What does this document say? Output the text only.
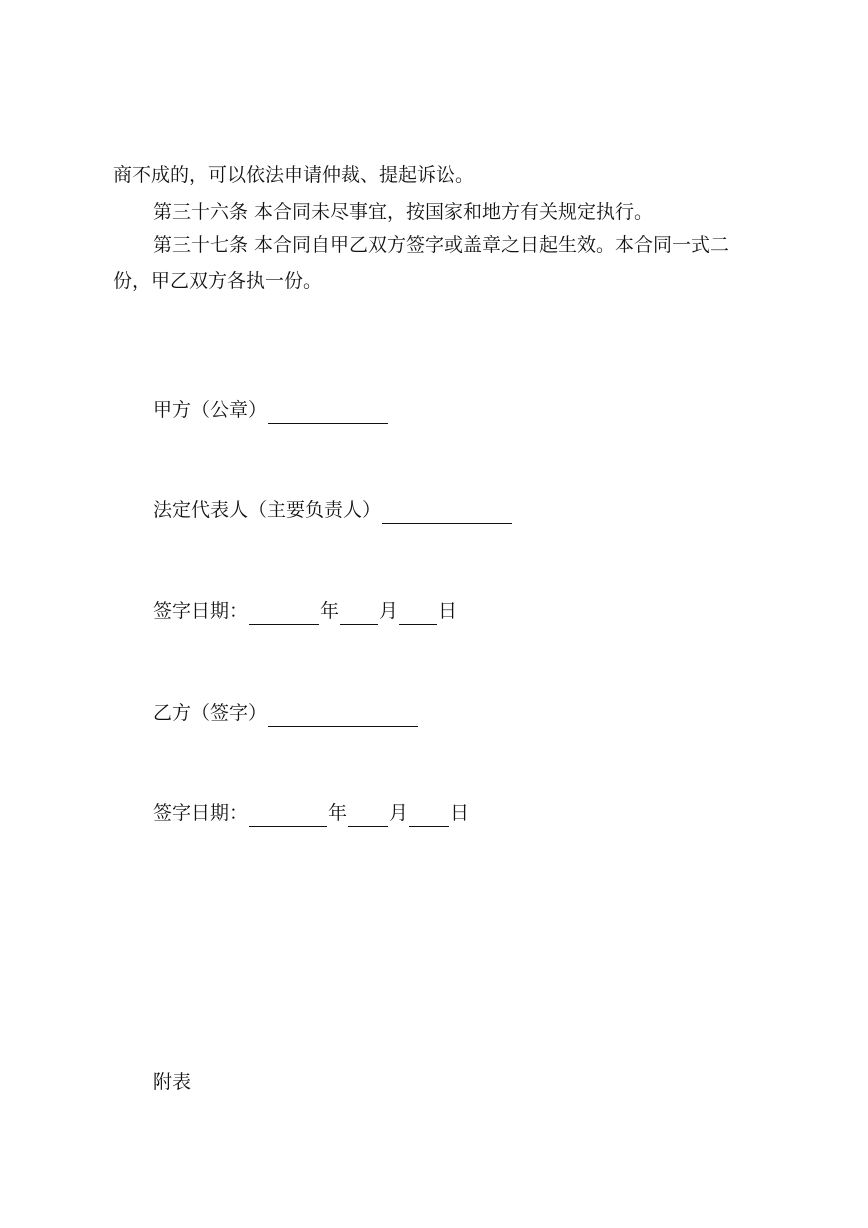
商不成的，可以依法申请仲裁、提起诉讼。
第三十六条 本合同未尽事宜，按国家和地方有关规定执行。
第三十七条 本合同自甲乙双方签字或盖章之日起生效。本合同一式二
份，甲乙双方各执一份。
甲方（公章）
法定代表人（主要负责人）
签字日期：	年 月 日
乙方（签字）
签字日期：	年 月 日
附表
